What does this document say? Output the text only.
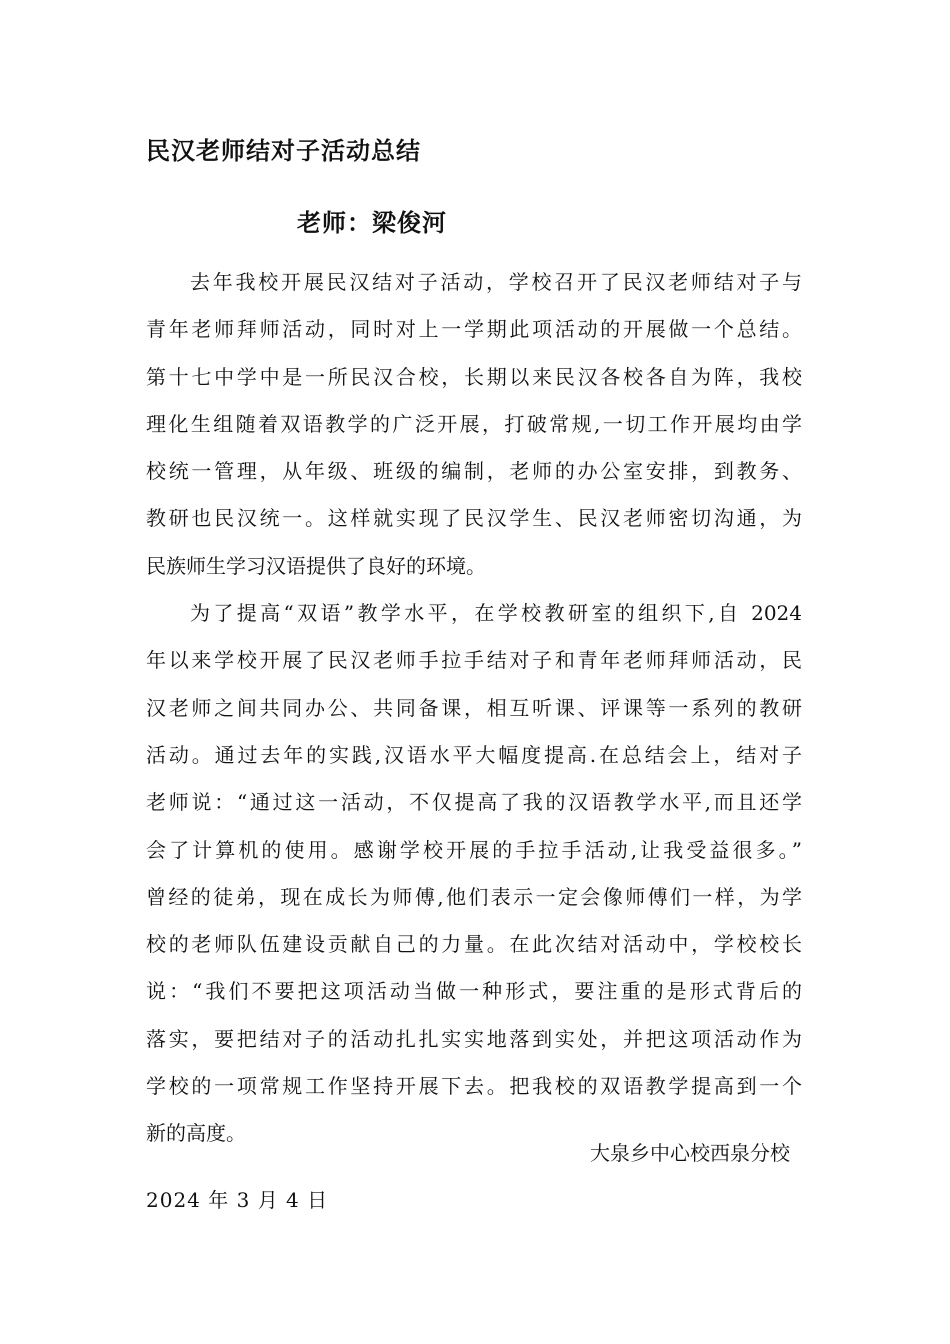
民汉老师结对子活动总结
老师：梁俊河
去年我校开展民汉结对子活动，学校召开了民汉老师结对子与
青年老师拜师活动，同时对上一学期此项活动的开展做一个总结。
第十七中学中是一所民汉合校，长期以来民汉各校各自为阵，我校
理化生组随着双语教学的广泛开展，打破常规,一切工作开展均由学
校统一管理，从年级、班级的编制，老师的办公室安排，到教务、
教研也民汉统一。这样就实现了民汉学生、民汉老师密切沟通，为
民族师生学习汉语提供了良好的环境。
为了提高“双语”教学水平，在学校教研室的组织下,自 2024
年以来学校开展了民汉老师手拉手结对子和青年老师拜师活动，民
汉老师之间共同办公、共同备课，相互听课、评课等一系列的教研
活动。通过去年的实践,汉语水平大幅度提高.在总结会上，结对子
老师说：“通过这一活动，不仅提高了我的汉语教学水平,而且还学
会了计算机的使用。感谢学校开展的手拉手活动,让我受益很多。”
曾经的徒弟，现在成长为师傅,他们表示一定会像师傅们一样，为学
校的老师队伍建设贡献自己的力量。在此次结对活动中，学校校长
说：“我们不要把这项活动当做一种形式，要注重的是形式背后的
落实，要把结对子的活动扎扎实实地落到实处，并把这项活动作为
学校的一项常规工作坚持开展下去。把我校的双语教学提高到一个
新的高度。
大泉乡中心校西泉分校
2024 年 3 月 4 日
